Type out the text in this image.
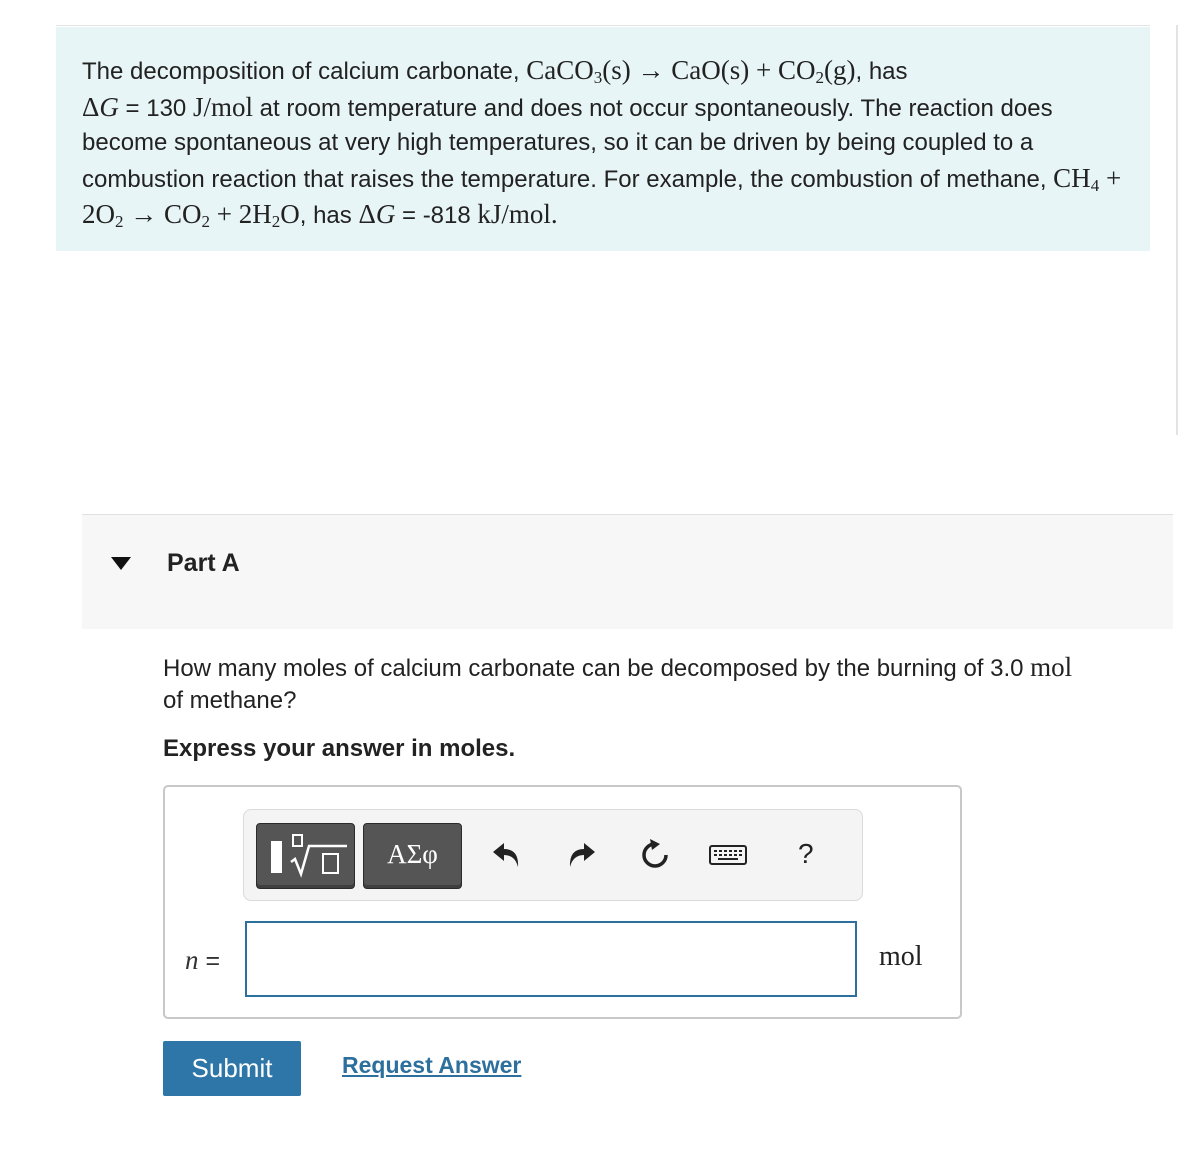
The decomposition of calcium carbonate, CaCO$_3$(s) → $CaO(s) + CO_2(g)$, has
ΔG = 130 J/mol at room temperature and does not occur spontaneously. The reaction does become spontaneous at very high temperatures, so it can be driven by being coupled to a combustion reaction that raises the temperature. For example, the combustion of methane, $CH_4 + 2O_2 \to CO_2 + 2H_2O$, has ΔG = -818 kJ/mol.
Part A
How many moles of calcium carbonate can be decomposed by the burning of 3.0 mol
of methane?
Express your answer in moles.
ΑΣφ	?
n =	mol
Submit	Request Answer
